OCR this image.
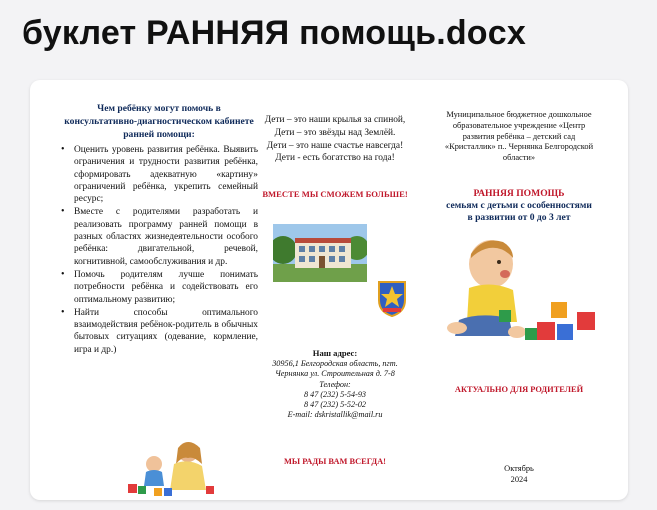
буклет РАННЯЯ помощь.docx
Чем ребёнку могут помочь в консультативно-диагностическом кабинете ранней помощи:
• Оценить уровень развития ребёнка. Выявить ограничения и трудности развития ребёнка, сформировать адекватную «картину» ограничений ребёнка, укрепить семейный ресурс;
• Вместе с родителями разработать и реализовать программу ранней помощи в разных областях жизнедеятельности особого ребёнка: двигательной, речевой, когнитивной, самообслуживания и др.
• Помочь родителям лучше понимать потребности ребёнка и содействовать его оптимальному развитию;
• Найти способы оптимального взаимодействия ребёнок-родитель в обычных бытовых ситуациях (одевание, кормление, игра и др.)
Дети – это наши крылья за спиной,
Дети – это звёзды над Землёй.
Дети – это наше счастье навсегда!
Дети - есть богатство на года!
ВМЕСТЕ МЫ СМОЖЕМ БОЛЬШЕ!
Наш адрес:
30956,1 Белгородская область, пгт.
Чернянка ул. Строительная д. 7-8
Телефон:
8 47 (232) 5-54-93
8 47 (232) 5-52-02
E-mail: dskristallik@mail.ru
МЫ РАДЫ ВАМ ВСЕГДА!
Муниципальное бюджетное дошкольное
образовательное учреждение «Центр
развития ребёнка – детский сад
«Кристаллик» п.. Чернянка Белгородской
области»
РАННЯЯ ПОМОЩЬ
семьям с детьми с особенностями
в развитии от 0 до 3 лет
АКТУАЛЬНО ДЛЯ РОДИТЕЛЕЙ
Октябрь
2024
